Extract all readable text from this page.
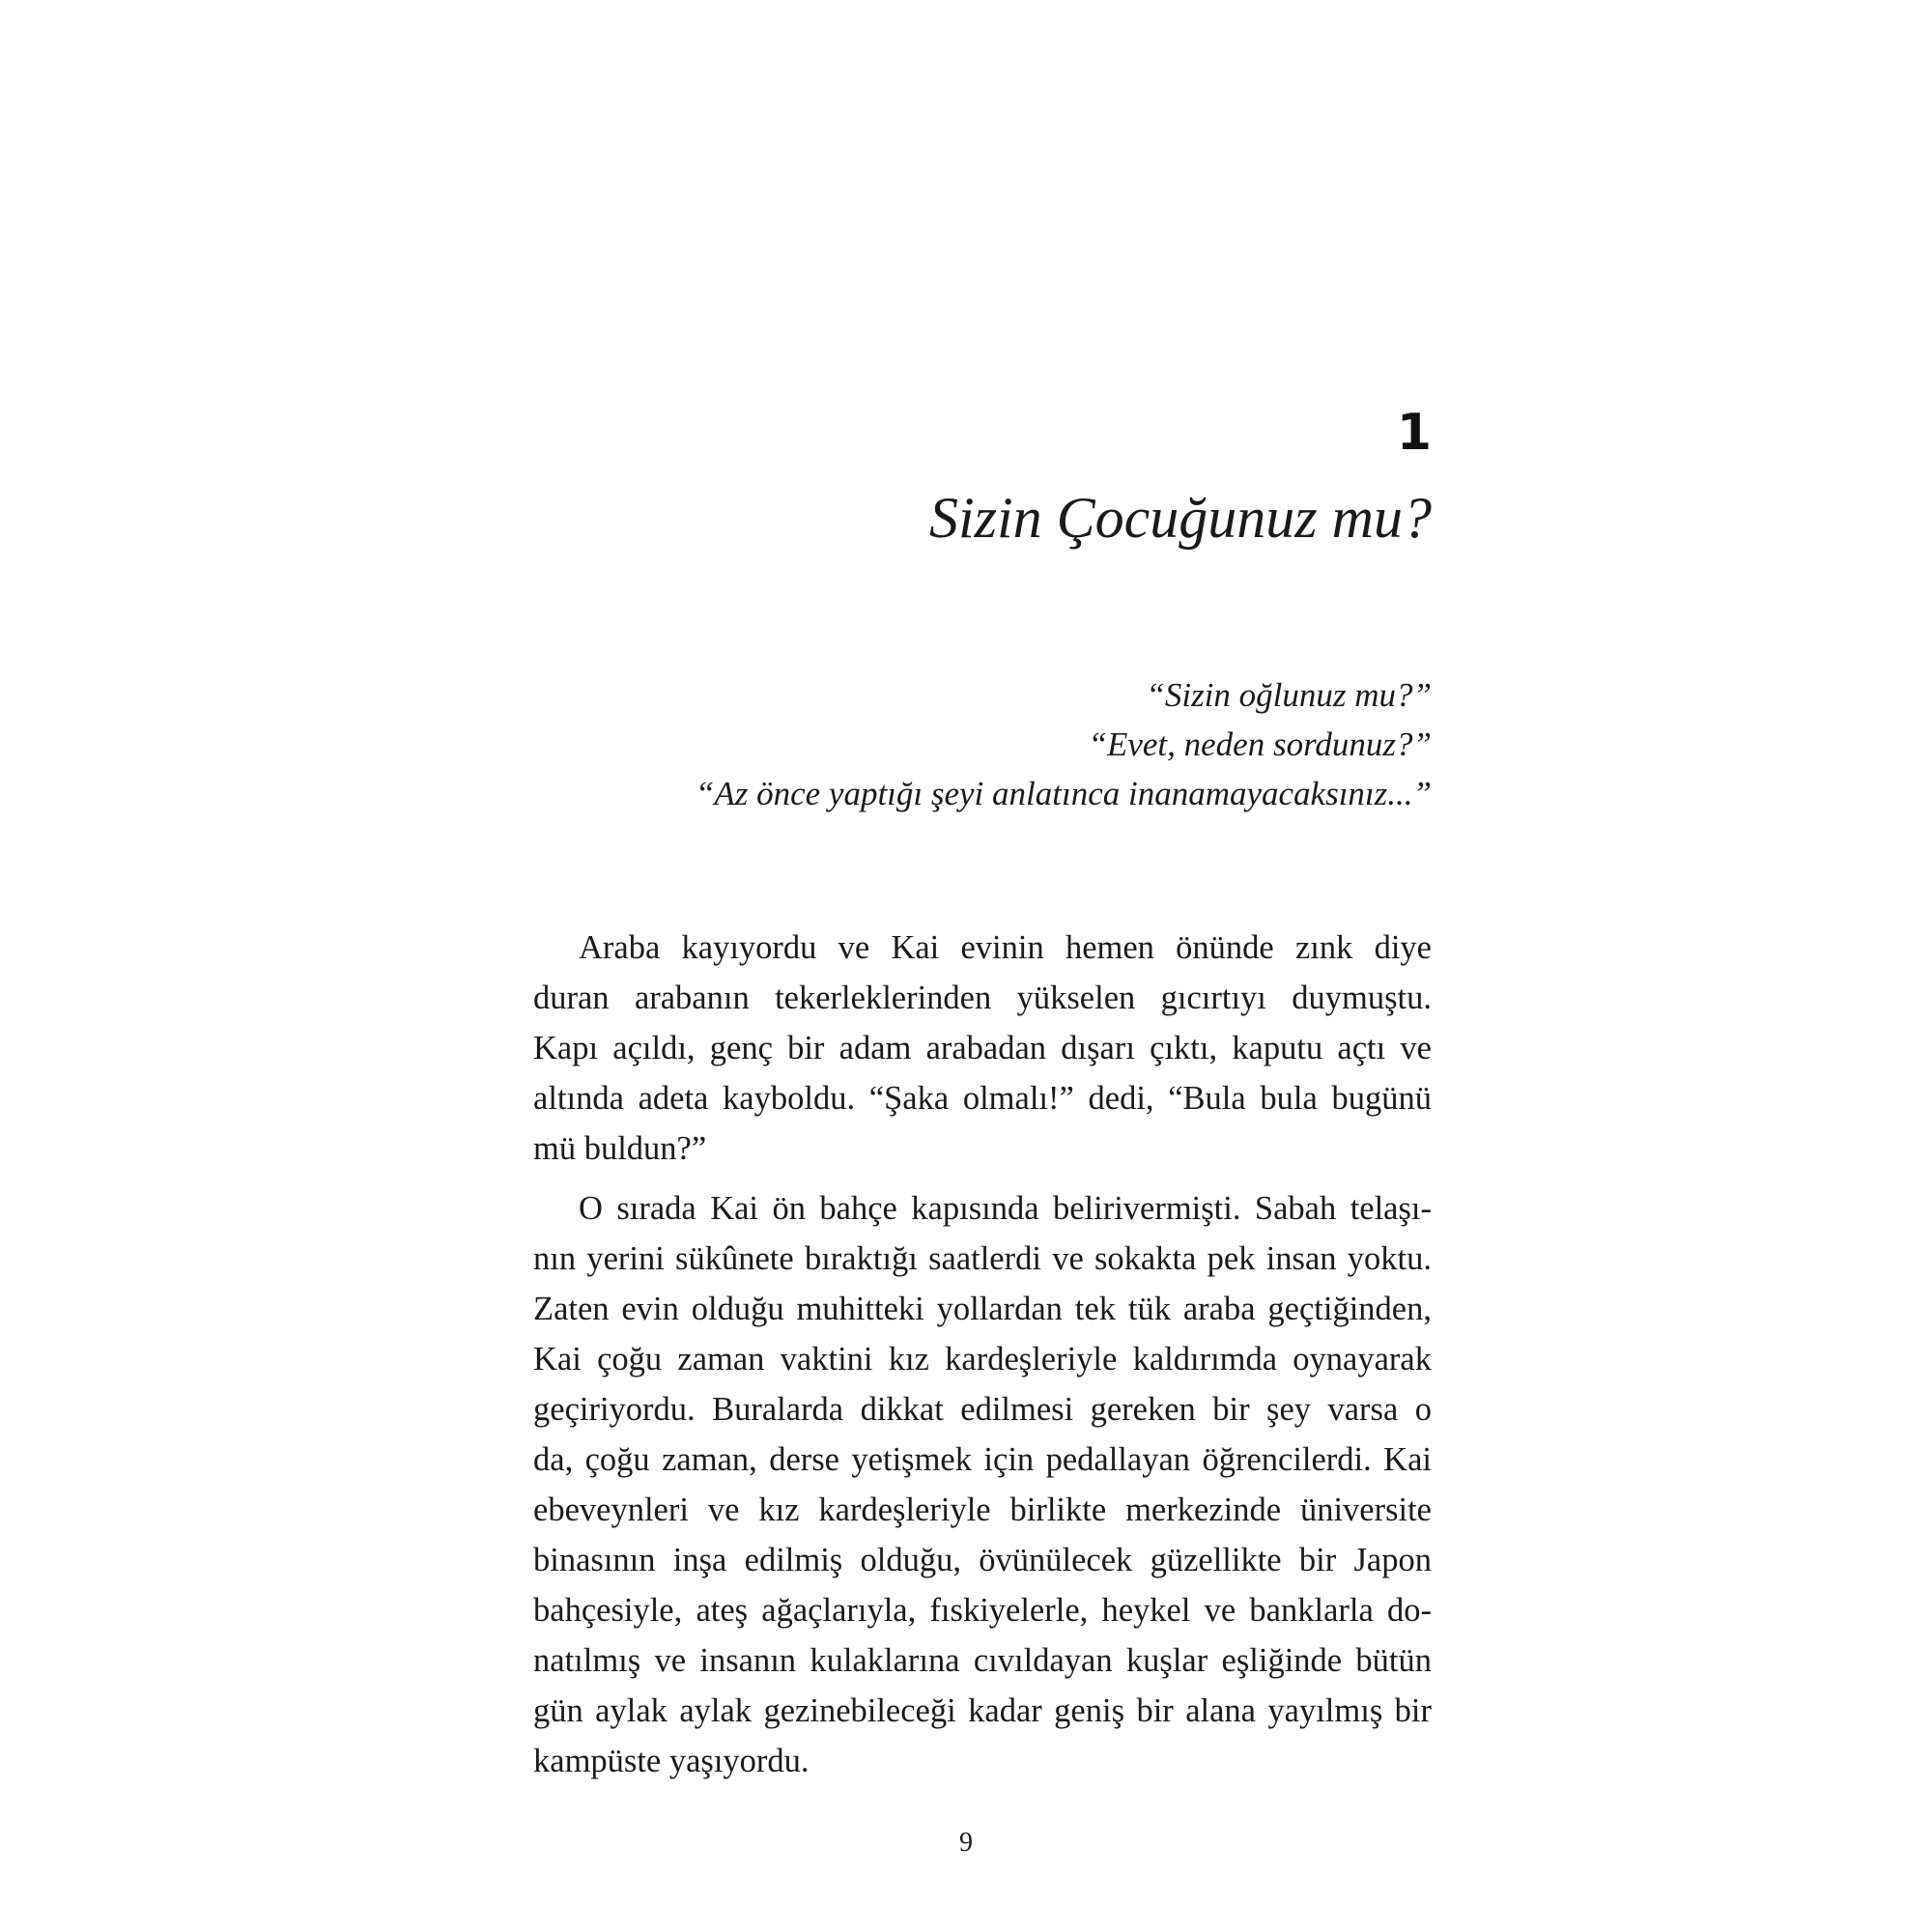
1
Sizin Çocuğunuz mu?
“Sizin oğlunuz mu?”
“Evet, neden sordunuz?”
“Az önce yaptığı şeyi anlatınca inanamayacaksınız...”
Araba kayıyordu ve Kai evinin hemen önünde zınk diye
duran arabanın tekerleklerinden yükselen gıcırtıyı duymuştu.
Kapı açıldı, genç bir adam arabadan dışarı çıktı, kaputu açtı ve
altında adeta kayboldu. “Şaka olmalı!” dedi, “Bula bula bugünü
mü buldun?”
O sırada Kai ön bahçe kapısında belirivermişti. Sabah telaşı-
nın yerini sükûnete bıraktığı saatlerdi ve sokakta pek insan yoktu.
Zaten evin olduğu muhitteki yollardan tek tük araba geçtiğinden,
Kai çoğu zaman vaktini kız kardeşleriyle kaldırımda oynayarak
geçiriyordu. Buralarda dikkat edilmesi gereken bir şey varsa o
da, çoğu zaman, derse yetişmek için pedallayan öğrencilerdi. Kai
ebeveynleri ve kız kardeşleriyle birlikte merkezinde üniversite
binasının inşa edilmiş olduğu, övünülecek güzellikte bir Japon
bahçesiyle, ateş ağaçlarıyla, fıskiyelerle, heykel ve banklarla do-
natılmış ve insanın kulaklarına cıvıldayan kuşlar eşliğinde bütün
gün aylak aylak gezinebileceği kadar geniş bir alana yayılmış bir
kampüste yaşıyordu.
9
